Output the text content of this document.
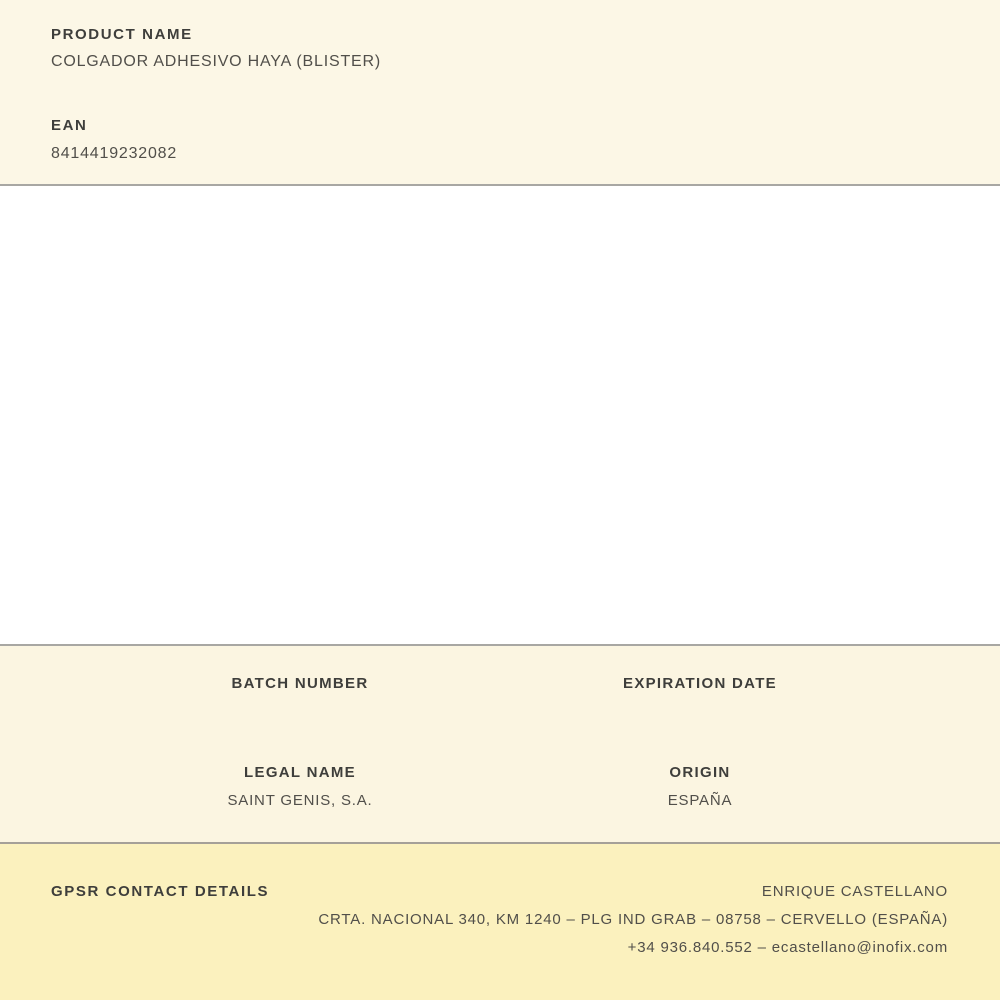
PRODUCT NAME
COLGADOR ADHESIVO HAYA (BLISTER)
EAN
8414419232082
BATCH NUMBER	EXPIRATION DATE
LEGAL NAME
SAINT GENIS, S.A.
ORIGIN
ESPAÑA
GPSR CONTACT DETAILS	ENRIQUE CASTELLANO
CRTA. NACIONAL 340, KM 1240 – PLG IND GRAB – 08758 – CERVELLO (ESPAÑA)
+34 936.840.552 – ecastellano@inofix.com
